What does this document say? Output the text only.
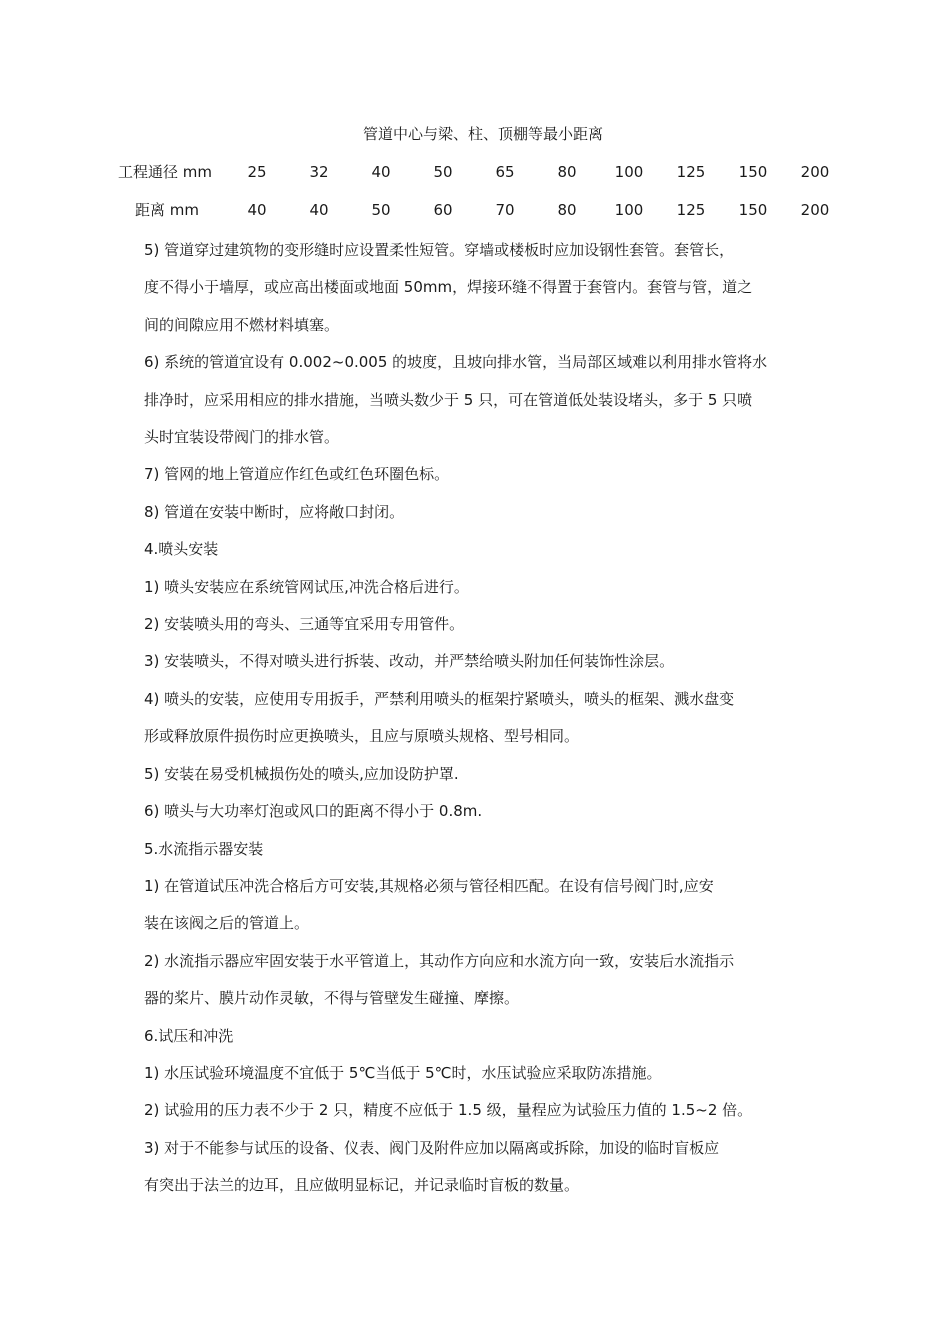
管道中心与梁、柱、顶棚等最小距离
工程通径 mm	25	32	40	50	65	80	100	125	150	200
距离 mm	40	40	50	60	70	80	100	125	150	200

5) 管道穿过建筑物的变形缝时应设置柔性短管。穿墙或楼板时应加设钢性套管。套管长，

度不得小于墙厚，或应高出楼面或地面 50mm，焊接环缝不得置于套管内。套管与管，道之

间的间隙应用不燃材料填塞。

6) 系统的管道宜设有 0.002~0.005 的坡度，且坡向排水管，当局部区域难以利用排水管将水

排净时，应采用相应的排水措施，当喷头数少于 5 只，可在管道低处装设堵头，多于 5 只喷

头时宜装设带阀门的排水管。

7) 管网的地上管道应作红色或红色环圈色标。

8) 管道在安装中断时，应将敞口封闭。

4.喷头安装

1) 喷头安装应在系统管网试压,冲洗合格后进行。

2) 安装喷头用的弯头、三通等宜采用专用管件。

3) 安装喷头，不得对喷头进行拆装、改动，并严禁给喷头附加任何装饰性涂层。

4) 喷头的安装，应使用专用扳手，严禁利用喷头的框架拧紧喷头，喷头的框架、溅水盘变

形或释放原件损伤时应更换喷头，且应与原喷头规格、型号相同。

5) 安装在易受机械损伤处的喷头,应加设防护罩.

6) 喷头与大功率灯泡或风口的距离不得小于 0.8m.

5.水流指示器安装

1) 在管道试压冲洗合格后方可安装,其规格必须与管径相匹配。在设有信号阀门时,应安

装在该阀之后的管道上。

2) 水流指示器应牢固安装于水平管道上，其动作方向应和水流方向一致，安装后水流指示

器的桨片、膜片动作灵敏，不得与管壁发生碰撞、摩擦。

6.试压和冲洗

1) 水压试验环境温度不宜低于 5℃当低于 5℃时，水压试验应采取防冻措施。

2) 试验用的压力表不少于 2 只，精度不应低于 1.5 级，量程应为试验压力值的 1.5~2 倍。

3) 对于不能参与试压的设备、仪表、阀门及附件应加以隔离或拆除，加设的临时盲板应

有突出于法兰的边耳，且应做明显标记，并记录临时盲板的数量。
